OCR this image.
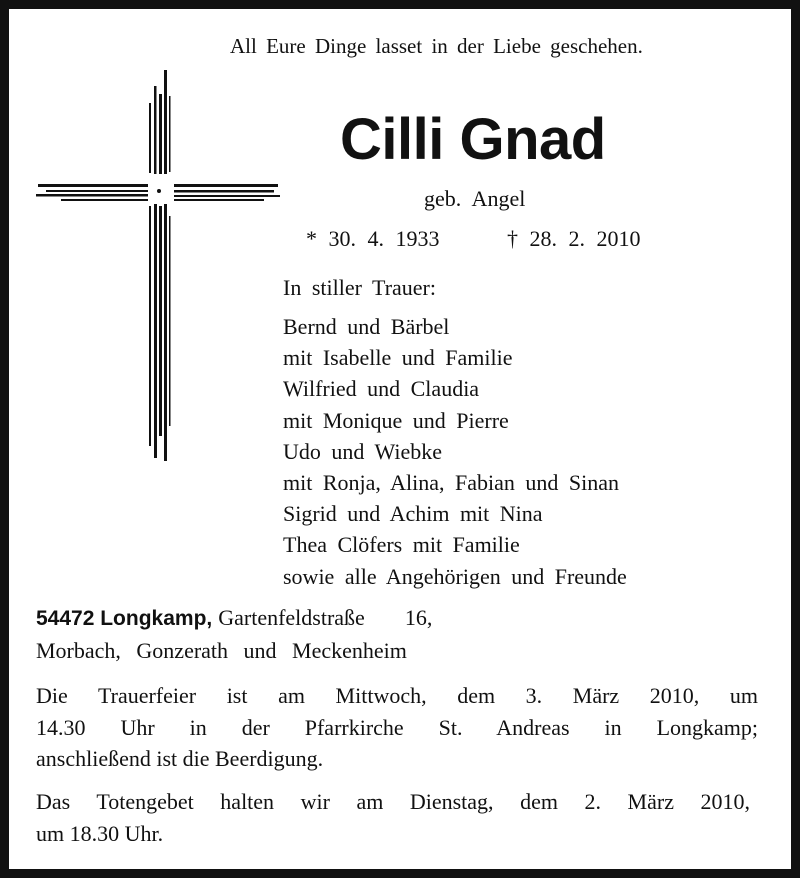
All Eure Dinge lasset in der Liebe geschehen.
Cilli Gnad
geb. Angel
* 30. 4. 1933	† 28. 2. 2010
In stiller Trauer:
Bernd und Bärbel
mit Isabelle und Familie
Wilfried und Claudia
mit Monique und Pierre
Udo und Wiebke
mit Ronja, Alina, Fabian und Sinan
Sigrid und Achim mit Nina
Thea Clöfers mit Familie
sowie alle Angehörigen und Freunde
54472 Longkamp, Gartenfeldstraße 16,
Morbach, Gonzerath und Meckenheim
Die Trauerfeier ist am Mittwoch, dem 3. März 2010, um
14.30 Uhr in der Pfarrkirche St. Andreas in Longkamp;
anschließend ist die Beerdigung.
Das Totengebet halten wir am Dienstag, dem 2. März 2010,
um 18.30 Uhr.
